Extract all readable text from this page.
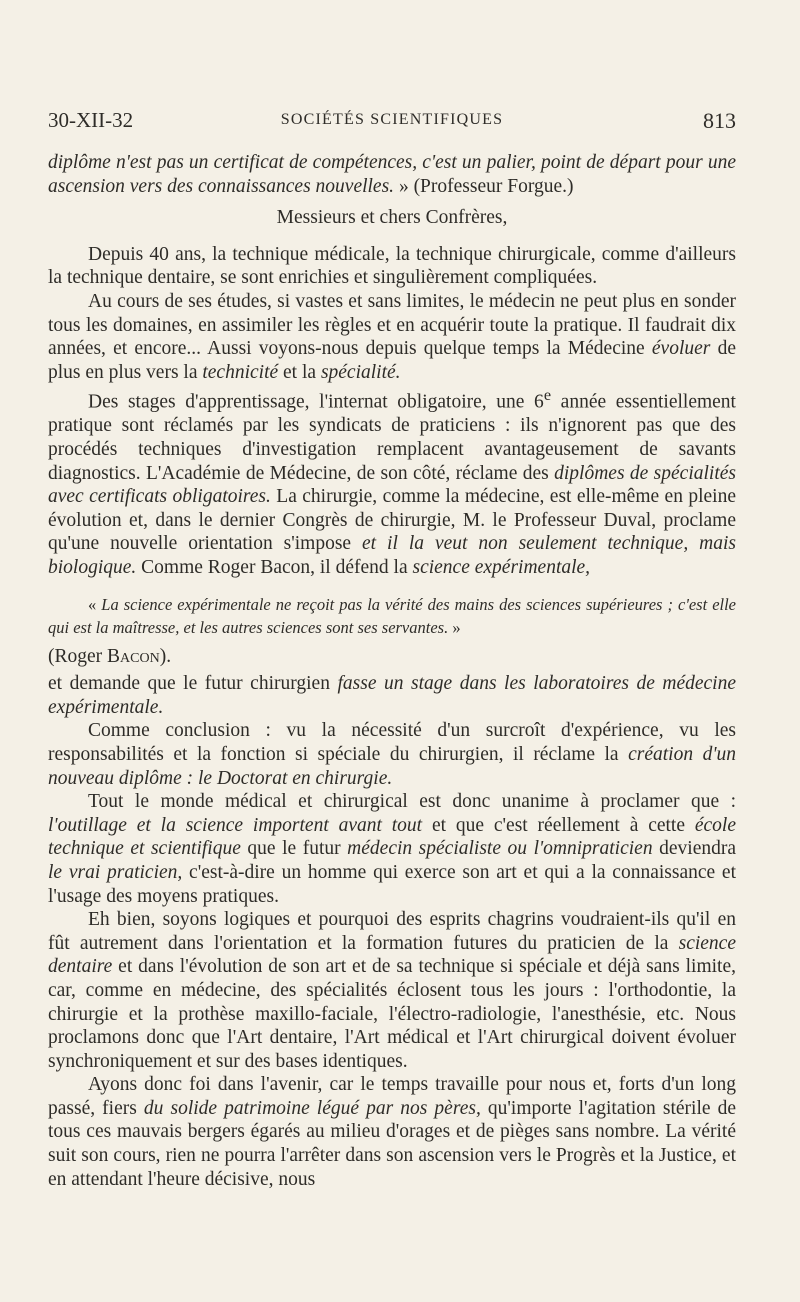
30-XII-32	SOCIÉTÉS SCIENTIFIQUES	813

diplôme n'est pas un certificat de compétences, c'est un palier, point de départ pour une ascension vers des connaissances nouvelles. » (Professeur Forgue.)

Messieurs et chers Confrères,

Depuis 40 ans, la technique médicale, la technique chirurgicale, comme d'ailleurs la technique dentaire, se sont enrichies et singulièrement compliquées.

Au cours de ses études, si vastes et sans limites, le médecin ne peut plus en sonder tous les domaines, en assimiler les règles et en acquérir toute la pratique. Il faudrait dix années, et encore... Aussi voyons-nous depuis quelque temps la Médecine évoluer de plus en plus vers la technicité et la spécialité.

Des stages d'apprentissage, l'internat obligatoire, une 6e année essentiellement pratique sont réclamés par les syndicats de praticiens : ils n'ignorent pas que des procédés techniques d'investigation remplacent avantageusement de savants diagnostics. L'Académie de Médecine, de son côté, réclame des diplômes de spécialités avec certificats obligatoires. La chirurgie, comme la médecine, est elle-même en pleine évolution et, dans le dernier Congrès de chirurgie, M. le Professeur Duval, proclame qu'une nouvelle orientation s'impose et il la veut non seulement technique, mais biologique. Comme Roger Bacon, il défend la science expérimentale,

« La science expérimentale ne reçoit pas la vérité des mains des sciences supérieures ; c'est elle qui est la maîtresse, et les autres sciences sont ses servantes. »

(Roger Bacon).

et demande que le futur chirurgien fasse un stage dans les laboratoires de médecine expérimentale.

Comme conclusion : vu la nécessité d'un surcroît d'expérience, vu les responsabilités et la fonction si spéciale du chirurgien, il réclame la création d'un nouveau diplôme : le Doctorat en chirurgie.

Tout le monde médical et chirurgical est donc unanime à proclamer que : l'outillage et la science importent avant tout et que c'est réellement à cette école technique et scientifique que le futur médecin spécialiste ou l'omnipraticien deviendra le vrai praticien, c'est-à-dire un homme qui exerce son art et qui a la connaissance et l'usage des moyens pratiques.

Eh bien, soyons logiques et pourquoi des esprits chagrins voudraient-ils qu'il en fût autrement dans l'orientation et la formation futures du praticien de la science dentaire et dans l'évolution de son art et de sa technique si spéciale et déjà sans limite, car, comme en médecine, des spécialités éclosent tous les jours : l'orthodontie, la chirurgie et la prothèse maxillo-faciale, l'électro-radiologie, l'anesthésie, etc. Nous proclamons donc que l'Art dentaire, l'Art médical et l'Art chirurgical doivent évoluer synchroniquement et sur des bases identiques.

Ayons donc foi dans l'avenir, car le temps travaille pour nous et, forts d'un long passé, fiers du solide patrimoine légué par nos pères, qu'importe l'agitation stérile de tous ces mauvais bergers égarés au milieu d'orages et de pièges sans nombre. La vérité suit son cours, rien ne pourra l'arrêter dans son ascension vers le Progrès et la Justice, et en attendant l'heure décisive, nous
